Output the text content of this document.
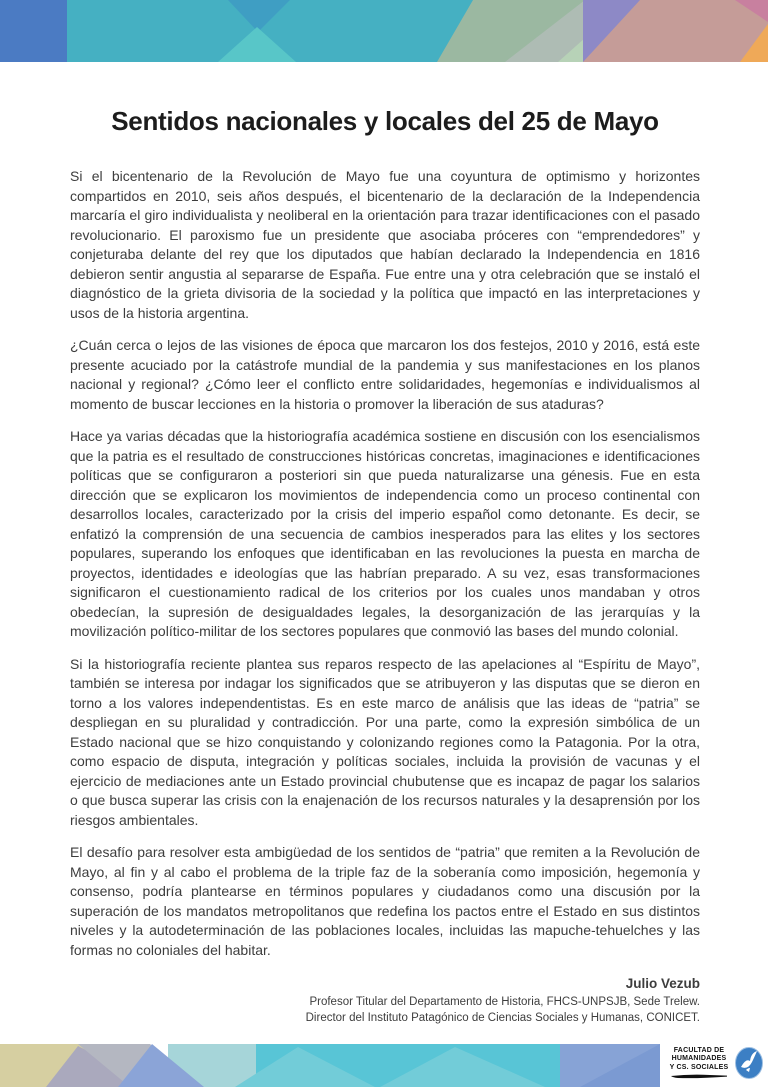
Sentidos nacionales y locales del 25 de Mayo

Si el bicentenario de la Revolución de Mayo fue una coyuntura de optimismo y horizontes compartidos en 2010, seis años después, el bicentenario de la declaración de la Independencia marcaría el giro individualista y neoliberal en la orientación para trazar identificaciones con el pasado revolucionario. El paroxismo fue un presidente que asociaba próceres con “emprendedores” y conjeturaba delante del rey que los diputados que habían declarado la Independencia en 1816 debieron sentir angustia al separarse de España. Fue entre una y otra celebración que se instaló el diagnóstico de la grieta divisoria de la sociedad y la política que impactó en las interpretaciones y usos de la historia argentina.

¿Cuán cerca o lejos de las visiones de época que marcaron los dos festejos, 2010 y 2016, está este presente acuciado por la catástrofe mundial de la pandemia y sus manifestaciones en los planos nacional y regional? ¿Cómo leer el conflicto entre solidaridades, hegemonías e individualismos al momento de buscar lecciones en la historia o promover la liberación de sus ataduras?

Hace ya varias décadas que la historiografía académica sostiene en discusión con los esencialismos que la patria es el resultado de construcciones históricas concretas, imaginaciones e identificaciones políticas que se configuraron a posteriori sin que pueda naturalizarse una génesis. Fue en esta dirección que se explicaron los movimientos de independencia como un proceso continental con desarrollos locales, caracterizado por la crisis del imperio español como detonante. Es decir, se enfatizó la comprensión de una secuencia de cambios inesperados para las elites y los sectores populares, superando los enfoques que identificaban en las revoluciones la puesta en marcha de proyectos, identidades e ideologías que las habrían preparado. A su vez, esas transformaciones significaron el cuestionamiento radical de los criterios por los cuales unos mandaban y otros obedecían, la supresión de desigualdades legales, la desorganización de las jerarquías y la movilización político-militar de los sectores populares que conmovió las bases del mundo colonial.

Si la historiografía reciente plantea sus reparos respecto de las apelaciones al “Espíritu de Mayo”, también se interesa por indagar los significados que se atribuyeron y las disputas que se dieron en torno a los valores independentistas. Es en este marco de análisis que las ideas de “patria” se despliegan en su pluralidad y contradicción. Por una parte, como la expresión simbólica de un Estado nacional que se hizo conquistando y colonizando regiones como la Patagonia. Por la otra, como espacio de disputa, integración y políticas sociales, incluida la provisión de vacunas y el ejercicio de mediaciones ante un Estado provincial chubutense que es incapaz de pagar los salarios o que busca superar las crisis con la enajenación de los recursos naturales y la desaprensión por los riesgos ambientales.

El desafío para resolver esta ambigüedad de los sentidos de “patria” que remiten a la Revolución de Mayo, al fin y al cabo el problema de la triple faz de la soberanía como imposición, hegemonía y consenso, podría plantearse en términos populares y ciudadanos como una discusión por la superación de los mandatos metropolitanos que redefina los pactos entre el Estado en sus distintos niveles y la autodeterminación de las poblaciones locales, incluidas las mapuche-tehuelches y las formas no coloniales del habitar.

Julio Vezub
Profesor Titular del Departamento de Historia, FHCS-UNPSJB, Sede Trelew.
Director del Instituto Patagónico de Ciencias Sociales y Humanas, CONICET.
FACULTAD DE
HUMANIDADES
Y CS. SOCIALES
